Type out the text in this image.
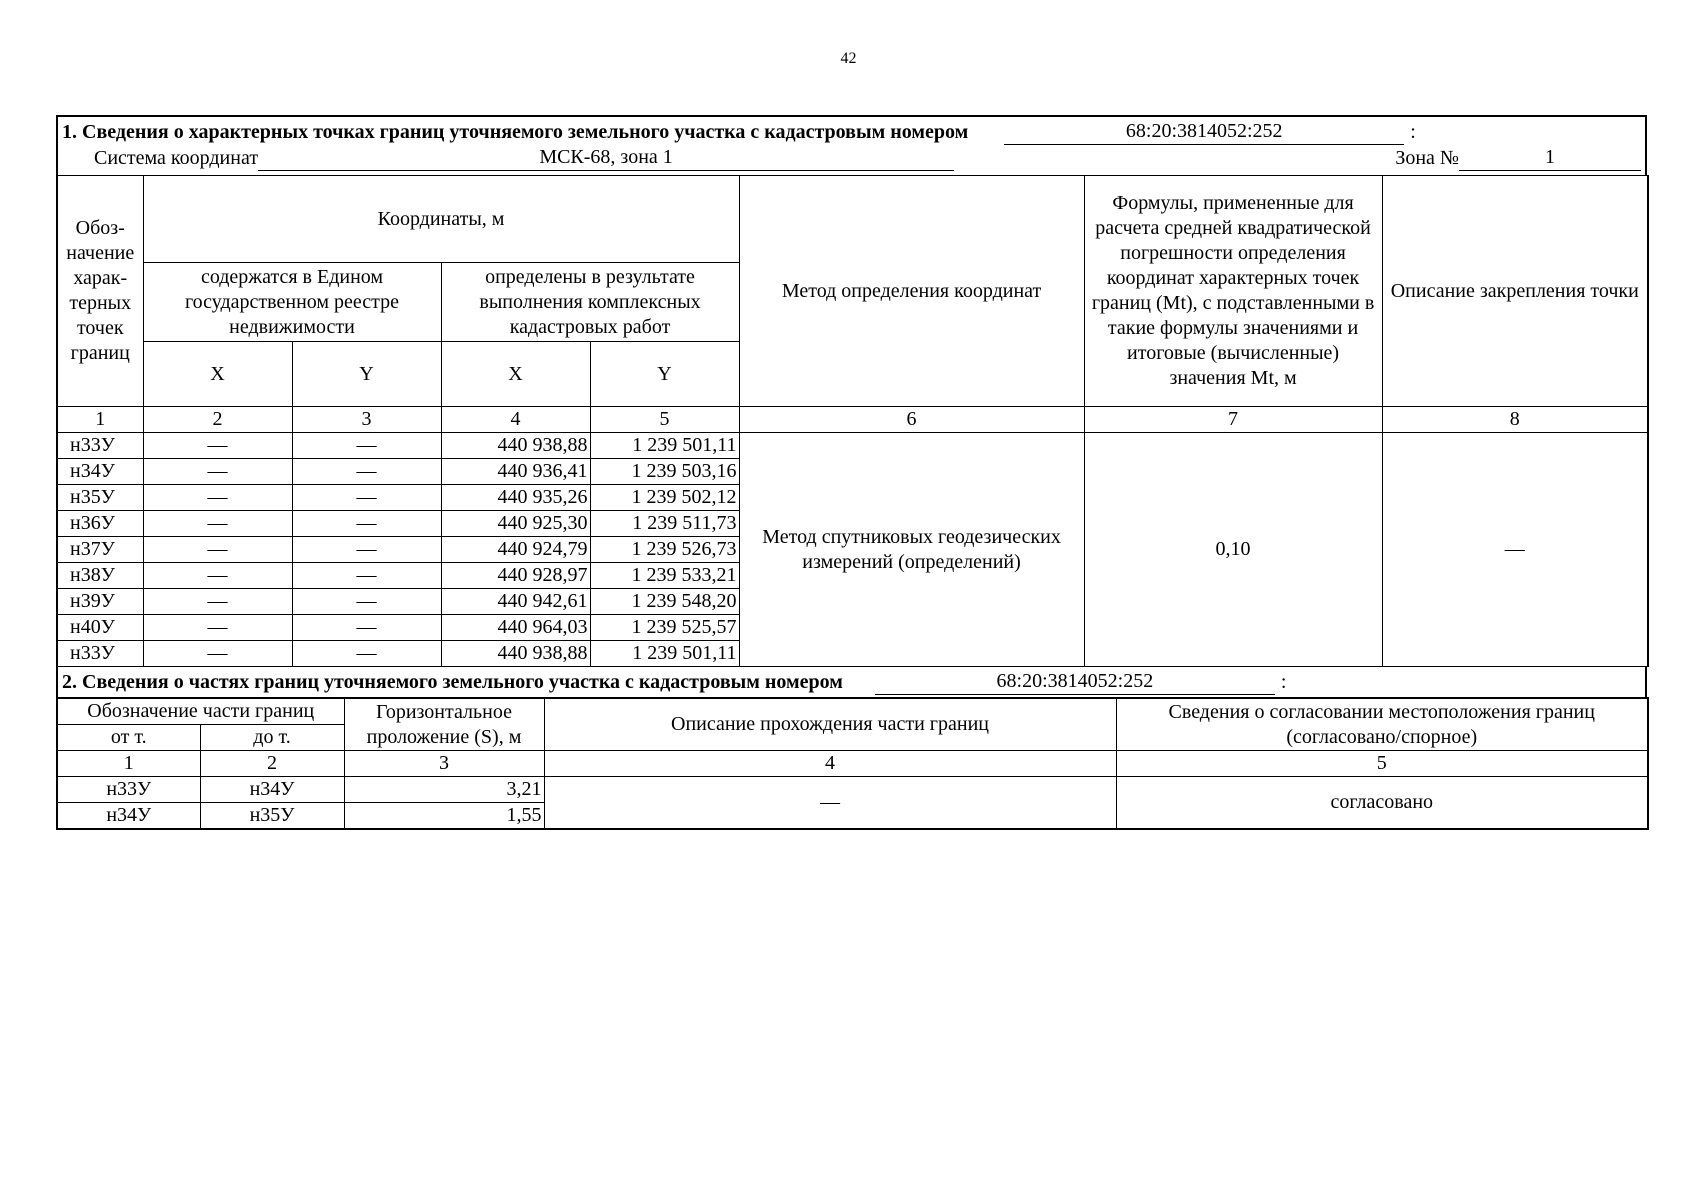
42
1. Сведения о характерных точках границ уточняемого земельного участка с кадастровым номером	68:20:3814052:252	:
Система координат	МСК-68, зона 1	Зона №	1
Обоз-начение харак-терных точек границ	Координаты, м				Метод определения координат	Формулы, примененные для расчета средней квадратической погрешности определения координат характерных точек границ (Mt), с подставленными в такие формулы значениями и итоговые (вычисленные) значения Mt, м	Описание закрепления точки
	содержатся в Едином государственном реестре недвижимости		определены в результате выполнения комплексных кадастровых работ				
	X	Y	X	Y			
1	2	3	4	5	6	7	8
н33У	—	—	440 938,88	1 239 501,11	Метод спутниковых геодезических измерений (определений)	0,10	—
н34У	—	—	440 936,41	1 239 503,16			
н35У	—	—	440 935,26	1 239 502,12			
н36У	—	—	440 925,30	1 239 511,73			
н37У	—	—	440 924,79	1 239 526,73			
н38У	—	—	440 928,97	1 239 533,21			
н39У	—	—	440 942,61	1 239 548,20			
н40У	—	—	440 964,03	1 239 525,57			
н33У	—	—	440 938,88	1 239 501,11			
2. Сведения о частях границ уточняемого земельного участка с кадастровым номером	68:20:3814052:252	:
Обозначение части границ		Горизонтальное проложение (S), м	Описание прохождения части границ	Сведения о согласовании местоположения границ (согласовано/спорное)
от т.	до т.			
1	2	3	4	5
н33У	н34У	3,21	—	согласовано
н34У	н35У	1,55		
